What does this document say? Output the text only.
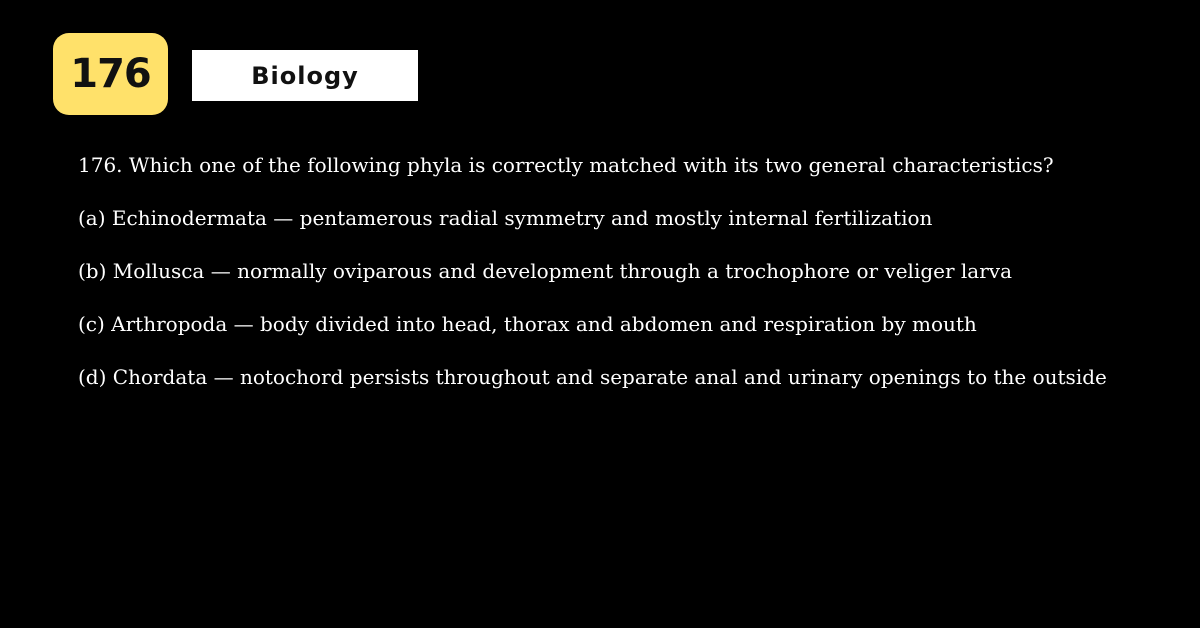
176	Biology
176. Which one of the following phyla is correctly matched with its two general characteristics?
(a) Echinodermata — pentamerous radial symmetry and mostly internal fertilization
(b) Mollusca — normally oviparous and development through a trochophore or veliger larva
(c) Arthropoda — body divided into head, thorax and abdomen and respiration by mouth
(d) Chordata — notochord persists throughout and separate anal and urinary openings to the outside
